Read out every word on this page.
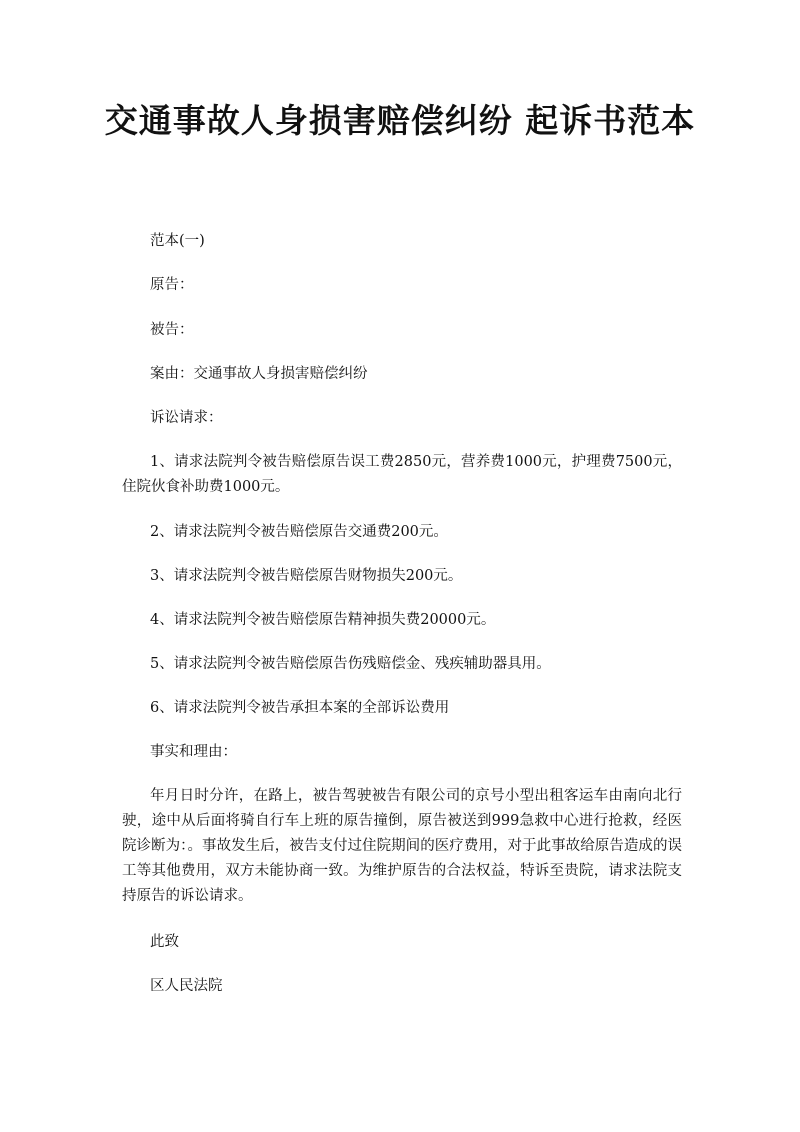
交通事故人身损害赔偿纠纷 起诉书范本

范本(一)

原告：

被告：

案由：交通事故人身损害赔偿纠纷

诉讼请求：

1、请求法院判令被告赔偿原告误工费2850元，营养费1000元，护理费7500元，住院伙食补助费1000元。

2、请求法院判令被告赔偿原告交通费200元。

3、请求法院判令被告赔偿原告财物损失200元。

4、请求法院判令被告赔偿原告精神损失费20000元。

5、请求法院判令被告赔偿原告伤残赔偿金、残疾辅助器具用。

6、请求法院判令被告承担本案的全部诉讼费用

事实和理由：

年月日时分许，在路上，被告驾驶被告有限公司的京号小型出租客运车由南向北行驶，途中从后面将骑自行车上班的原告撞倒，原告被送到999急救中心进行抢救，经医院诊断为：。事故发生后，被告支付过住院期间的医疗费用，对于此事故给原告造成的误工等其他费用，双方未能协商一致。为维护原告的合法权益，特诉至贵院，请求法院支持原告的诉讼请求。

此致

区人民法院
